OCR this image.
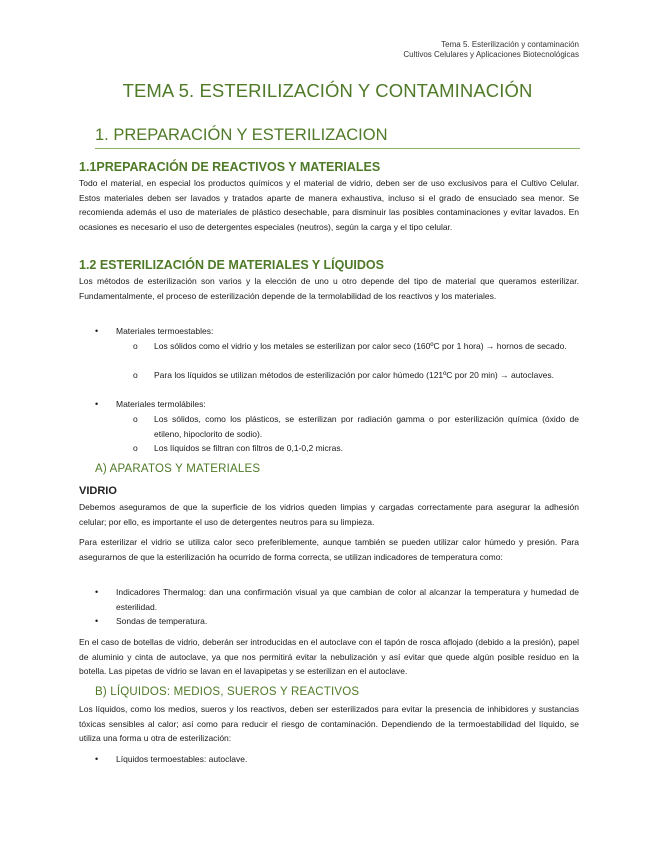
Tema 5. Esterilización y contaminación
Cultivos Celulares y Aplicaciones Biotecnológicas
TEMA 5. ESTERILIZACIÓN Y CONTAMINACIÓN
1. PREPARACIÓN Y ESTERILIZACION
1.1PREPARACIÓN DE REACTIVOS Y MATERIALES
Todo el material, en especial los productos químicos y el material de vidrio, deben ser de uso exclusivos para el Cultivo Celular. Estos materiales deben ser lavados y tratados aparte de manera exhaustiva, incluso si el grado de ensuciado sea menor. Se recomienda además el uso de materiales de plástico desechable, para disminuir las posibles contaminaciones y evitar lavados. En ocasiones es necesario el uso de detergentes especiales (neutros), según la carga y el tipo celular.
1.2 ESTERILIZACIÓN DE MATERIALES Y LÍQUIDOS
Los métodos de esterilización son varios y la elección de uno u otro depende del tipo de material que queramos esterilizar. Fundamentalmente, el proceso de esterilización depende de la termolabilidad de los reactivos y los materiales.
• Materiales termoestables:
o Los sólidos como el vidrio y los metales se esterilizan por calor seco (160ºC por 1 hora) → hornos de secado.
o Para los líquidos se utilizan métodos de esterilización por calor húmedo (121ºC por 20 min) → autoclaves.
• Materiales termolábiles:
o Los sólidos, como los plásticos, se esterilizan por radiación gamma o por esterilización química (óxido de etileno, hipoclorito de sodio).
o Los líquidos se filtran con filtros de 0,1-0,2 micras.
A) APARATOS Y MATERIALES
VIDRIO
Debemos aseguramos de que la superficie de los vidrios queden limpias y cargadas correctamente para asegurar la adhesión celular; por ello, es importante el uso de detergentes neutros para su limpieza.
Para esterilizar el vidrio se utiliza calor seco preferiblemente, aunque también se pueden utilizar calor húmedo y presión. Para asegurarnos de que la esterilización ha ocurrido de forma correcta, se utilizan indicadores de temperatura como:
• Indicadores Thermalog: dan una confirmación visual ya que cambian de color al alcanzar la temperatura y humedad de esterilidad.
• Sondas de temperatura.
En el caso de botellas de vidrio, deberán ser introducidas en el autoclave con el tapón de rosca aflojado (debido a la presión), papel de aluminio y cinta de autoclave, ya que nos permitirá evitar la nebulización y así evitar que quede algún posible residuo en la botella. Las pipetas de vidrio se lavan en el lavapipetas y se esterilizan en el autoclave.
B) LÍQUIDOS: MEDIOS, SUEROS Y REACTIVOS
Los líquidos, como los medios, sueros y los reactivos, deben ser esterilizados para evitar la presencia de inhibidores y sustancias tóxicas sensibles al calor; así como para reducir el riesgo de contaminación. Dependiendo de la termoestabilidad del líquido, se utiliza una forma u otra de esterilización:
• Líquidos termoestables: autoclave.
